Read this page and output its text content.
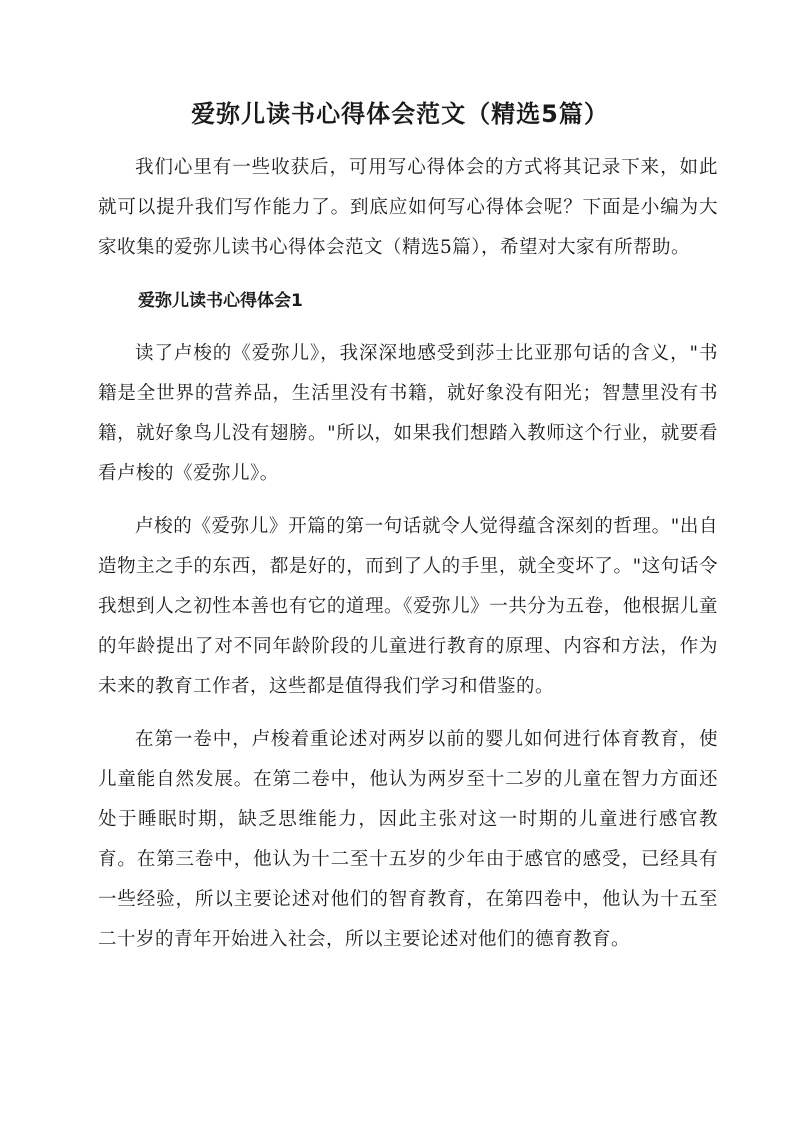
爱弥儿读书心得体会范文（精选5篇）

我们心里有一些收获后，可用写心得体会的方式将其记录下来，如此就可以提升我们写作能力了。到底应如何写心得体会呢？下面是小编为大家收集的爱弥儿读书心得体会范文（精选5篇），希望对大家有所帮助。

爱弥儿读书心得体会1

读了卢梭的《爱弥儿》，我深深地感受到莎士比亚那句话的含义，"书籍是全世界的营养品，生活里没有书籍，就好象没有阳光；智慧里没有书籍，就好象鸟儿没有翅膀。"所以，如果我们想踏入教师这个行业，就要看看卢梭的《爱弥儿》。

卢梭的《爱弥儿》开篇的第一句话就令人觉得蕴含深刻的哲理。"出自造物主之手的东西，都是好的，而到了人的手里，就全变坏了。"这句话令我想到人之初性本善也有它的道理。《爱弥儿》一共分为五卷，他根据儿童的年龄提出了对不同年龄阶段的儿童进行教育的原理、内容和方法，作为未来的教育工作者，这些都是值得我们学习和借鉴的。

在第一卷中，卢梭着重论述对两岁以前的婴儿如何进行体育教育，使儿童能自然发展。在第二卷中，他认为两岁至十二岁的儿童在智力方面还处于睡眠时期，缺乏思维能力，因此主张对这一时期的儿童进行感官教育。在第三卷中，他认为十二至十五岁的少年由于感官的感受，已经具有一些经验，所以主要论述对他们的智育教育，在第四卷中，他认为十五至二十岁的青年开始进入社会，所以主要论述对他们的德育教育。
